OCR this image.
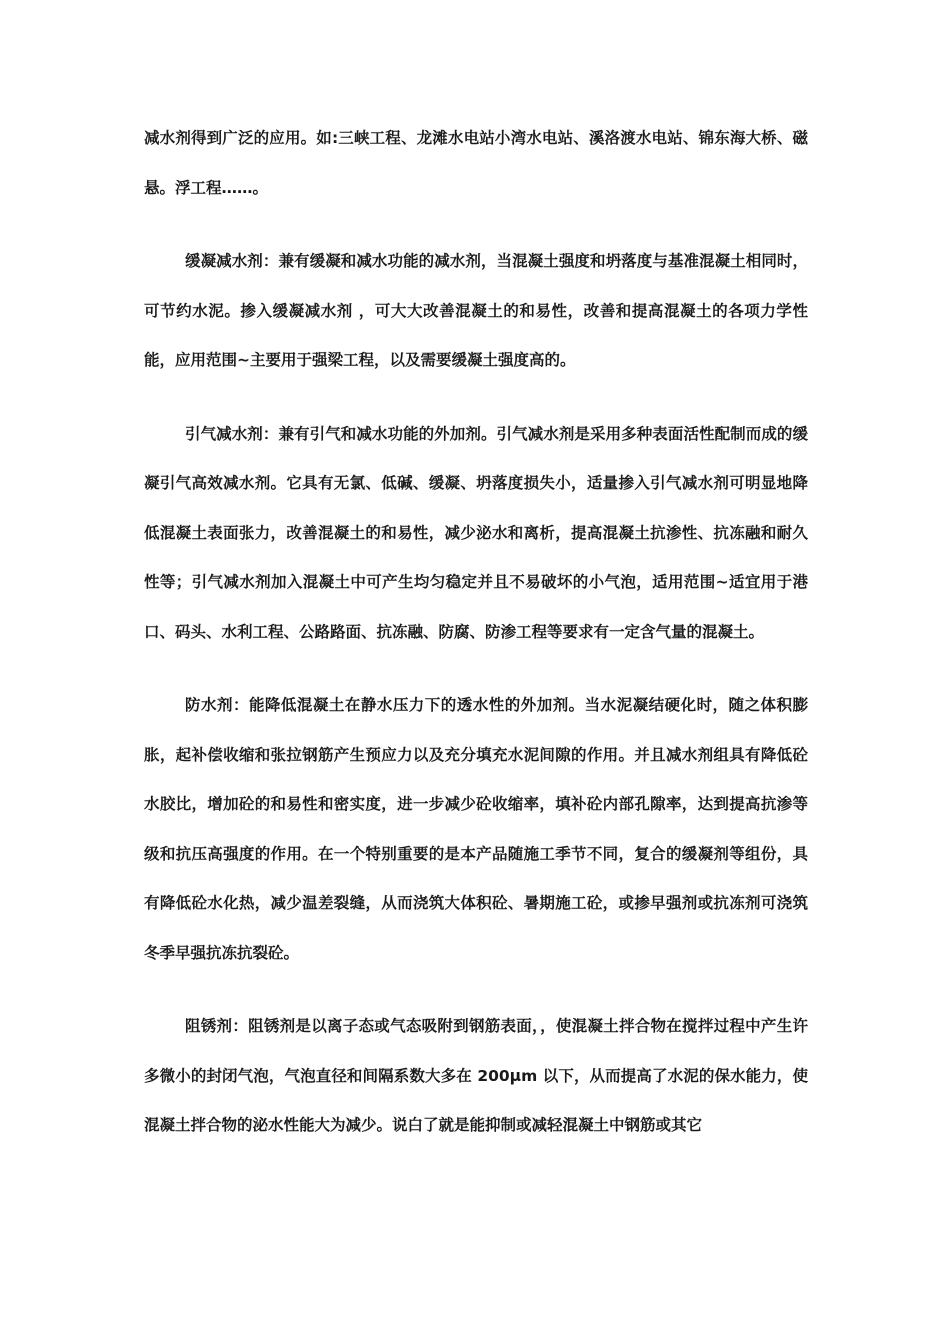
减水剂得到广泛的应用。如:三峡工程、龙滩水电站小湾水电站、溪洛渡水电站、锦东海大桥、磁悬。浮工程……。

缓凝减水剂：兼有缓凝和减水功能的减水剂，当混凝土强度和坍落度与基准混凝土相同时，可节约水泥。掺入缓凝减水剂 ，可大大改善混凝土的和易性，改善和提高混凝土的各项力学性能，应用范围~主要用于强梁工程，以及需要缓凝土强度高的。

引气减水剂：兼有引气和减水功能的外加剂。引气减水剂是采用多种表面活性配制而成的缓凝引气高效减水剂。它具有无氯、低碱、缓凝、坍落度损失小，适量掺入引气减水剂可明显地降低混凝土表面张力，改善混凝土的和易性，减少泌水和离析，提高混凝土抗渗性、抗冻融和耐久性等；引气减水剂加入混凝土中可产生均匀稳定并且不易破坏的小气泡，适用范围~适宜用于港口、码头、水利工程、公路路面、抗冻融、防腐、防渗工程等要求有一定含气量的混凝土。

防水剂：能降低混凝土在静水压力下的透水性的外加剂。当水泥凝结硬化时，随之体积膨胀，起补偿收缩和张拉钢筋产生预应力以及充分填充水泥间隙的作用。并且减水剂组具有降低砼水胶比，增加砼的和易性和密实度，进一步减少砼收缩率，填补砼内部孔隙率，达到提高抗渗等级和抗压高强度的作用。在一个特别重要的是本产品随施工季节不同，复合的缓凝剂等组份，具有降低砼水化热，减少温差裂缝，从而浇筑大体积砼、暑期施工砼，或掺早强剂或抗冻剂可浇筑冬季早强抗冻抗裂砼。

阻锈剂：阻锈剂是以离子态或气态吸附到钢筋表面，，使混凝土拌合物在搅拌过程中产生许多微小的封闭气泡，气泡直径和间隔系数大多在 200μm 以下，从而提高了水泥的保水能力，使混凝土拌合物的泌水性能大为减少。说白了就是能抑制或减轻混凝土中钢筋或其它
